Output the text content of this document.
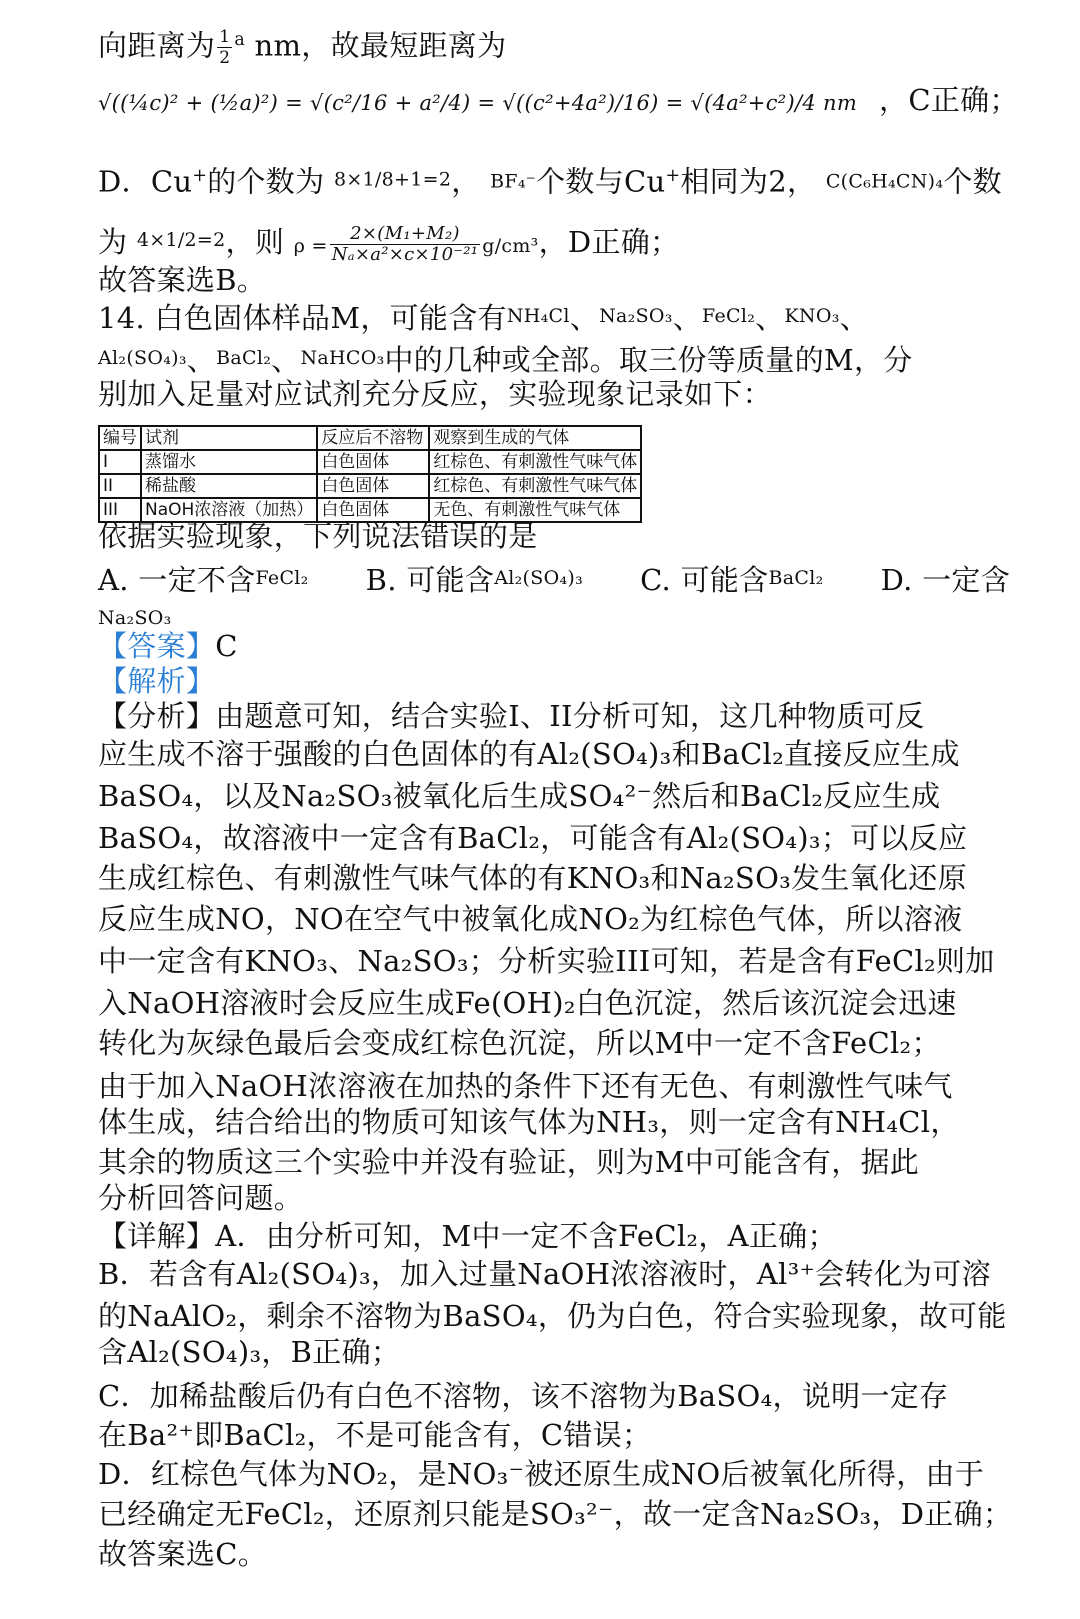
向距离为 $\frac{1}{2} ^a$ nm，故最短距离为
√((¼c)² + (½a)²) = √(c²/16 + a²/4) = √((c²+4a²)/16) = √(4a²+c²)/4 nm ，C正确；
D．Cu+的个数为 $^{8\times 1/8+1=2}$， BF₄⁻个数与Cu+相同为2， C(C₆H₄CN)₄个数
为 $^{4\times 1/2=2}$，则 $\rho = \frac{\text{2×(M₁+M₂)}}{\text{Nₐ×a²×c×10⁻²¹}} g/cm^3$，D正确；
故答案选B。
14. 白色固体样品M，可能含有$^{NH_4Cl}$、$^{Na_2SO_3}$、$^{FeCl_2}$、$^{KNO_3}$、
$^{Al_2(SO_4)_3}$、$^{BaCl_2}$、$^{NaHCO_3}$中的几种或全部。取三份等质量的M，分
别加入足量对应试剂充分反应，实验现象记录如下：
编号	试剂	反应后不溶物	观察到生成的气体
I	蒸馏水	白色固体	红棕色、有刺激性气味气体
II	稀盐酸	白色固体	红棕色、有刺激性气味气体
III	NaOH浓溶液（加热）	白色固体	无色、有刺激性气味气体
依据实验现象，下列说法错误的是
A. 一定不含$^{FeCl_2}$ B. 可能含$^{Al_2(SO_4)_3}$ C. 可能含$^{BaCl_2}$ D. 一定含
Na₂SO₃
【答案】C
【解析】
【分析】由题意可知，结合实验I、II分析可知，这几种物质可反
应生成不溶于强酸的白色固体的有Al₂(SO₄)₃和BaCl₂直接反应生成
BaSO₄，以及Na₂SO₃被氧化后生成SO₄²⁻然后和BaCl₂反应生成
BaSO₄，故溶液中一定含有BaCl₂，可能含有Al₂(SO₄)₃；可以反应
生成红棕色、有刺激性气味气体的有KNO₃和Na₂SO₃发生氧化还原
反应生成NO，NO在空气中被氧化成NO₂为红棕色气体，所以溶液
中一定含有KNO₃、Na₂SO₃；分析实验III可知，若是含有FeCl₂则加
入NaOH溶液时会反应生成Fe(OH)₂白色沉淀，然后该沉淀会迅速
转化为灰绿色最后会变成红棕色沉淀，所以M中一定不含FeCl₂；
由于加入NaOH浓溶液在加热的条件下还有无色、有刺激性气味气
体生成，结合给出的物质可知该气体为NH₃，则一定含有NH₄Cl，
其余的物质这三个实验中并没有验证，则为M中可能含有，据此
分析回答问题。
【详解】A．由分析可知，M中一定不含FeCl₂，A正确；
B．若含有Al₂(SO₄)₃，加入过量NaOH浓溶液时，Al³⁺会转化为可溶
的NaAlO₂，剩余不溶物为BaSO₄，仍为白色，符合实验现象，故可能
含Al₂(SO₄)₃，B正确；
C．加稀盐酸后仍有白色不溶物，该不溶物为BaSO₄，说明一定存
在Ba²⁺即BaCl₂，不是可能含有，C错误；
D．红棕色气体为NO₂，是NO₃⁻被还原生成NO后被氧化所得，由于
已经确定无FeCl₂，还原剂只能是SO₃²⁻，故一定含Na₂SO₃，D正确；
故答案选C。
